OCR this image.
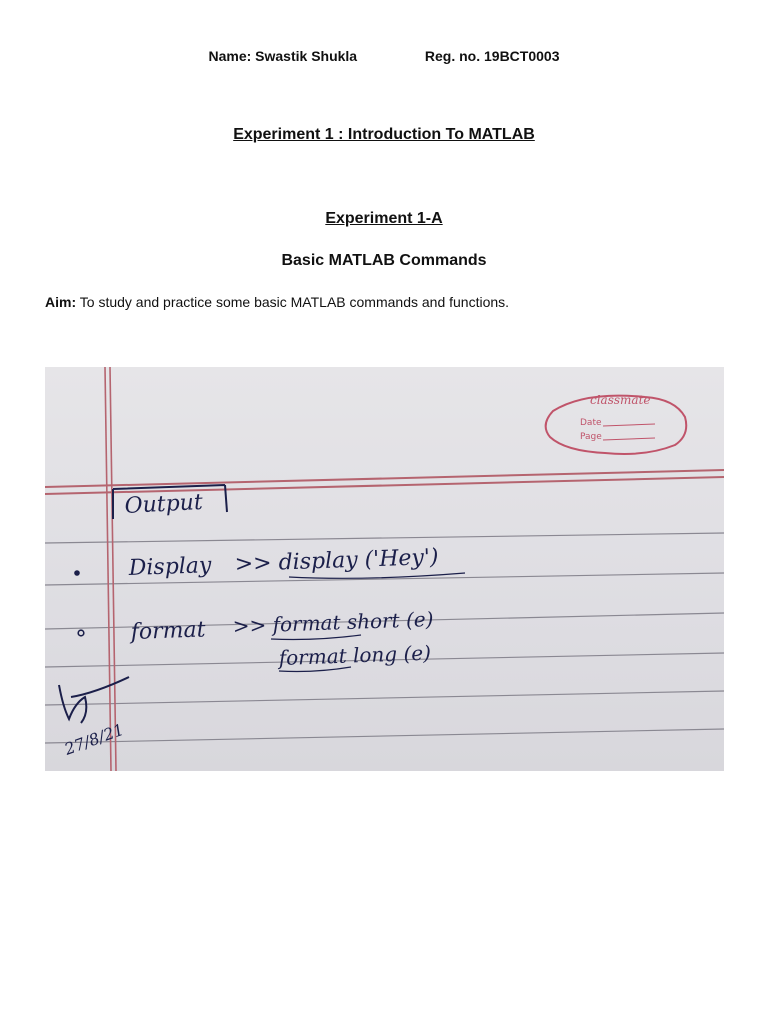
Name: Swastik Shukla	Reg. no. 19BCT0003
Experiment 1 : Introduction To MATLAB
Experiment 1-A
Basic MATLAB Commands
Aim: To study and practice some basic MATLAB commands and functions.
classmate
Date
Page
Output
Display >> display ('Hey')
format >> format short (e)
format long (e)
27/8/21
